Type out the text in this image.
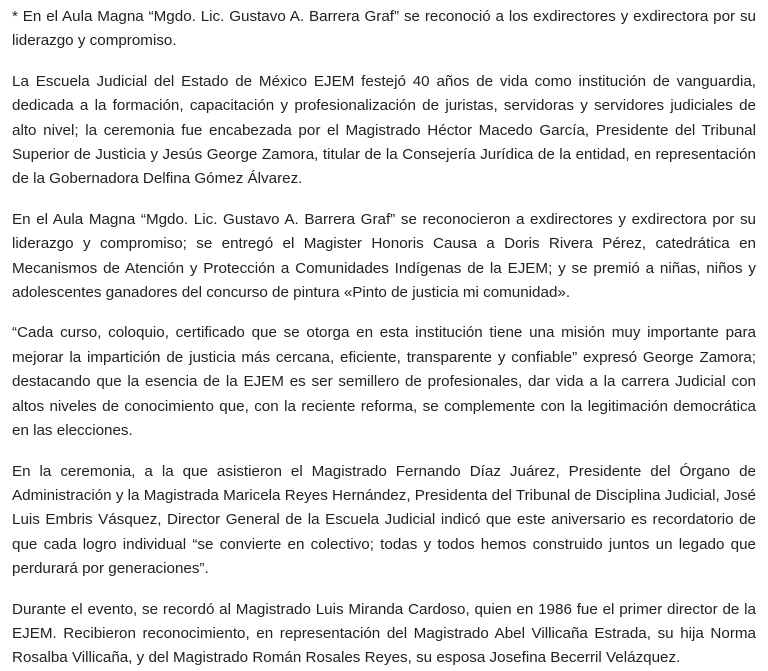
* En el Aula Magna “Mgdo. Lic. Gustavo A. Barrera Graf” se reconoció a los exdirectores y exdirectora por su liderazgo y compromiso.

La Escuela Judicial del Estado de México EJEM festejó 40 años de vida como institución de vanguardia, dedicada a la formación, capacitación y profesionalización de juristas, servidoras y servidores judiciales de alto nivel; la ceremonia fue encabezada por el Magistrado Héctor Macedo García, Presidente del Tribunal Superior de Justicia y Jesús George Zamora, titular de la Consejería Jurídica de la entidad, en representación de la Gobernadora Delfina Gómez Álvarez.

En el Aula Magna “Mgdo. Lic. Gustavo A. Barrera Graf” se reconocieron a exdirectores y exdirectora por su liderazgo y compromiso; se entregó el Magister Honoris Causa a Doris Rivera Pérez, catedrática en Mecanismos de Atención y Protección a Comunidades Indígenas de la EJEM; y se premió a niñas, niños y adolescentes ganadores del concurso de pintura «Pinto de justicia mi comunidad».

“Cada curso, coloquio, certificado que se otorga en esta institución tiene una misión muy importante para mejorar la impartición de justicia más cercana, eficiente, transparente y confiable” expresó George Zamora; destacando que la esencia de la EJEM es ser semillero de profesionales, dar vida a la carrera Judicial con altos niveles de conocimiento que, con la reciente reforma, se complemente con la legitimación democrática en las elecciones.

En la ceremonia, a la que asistieron el Magistrado Fernando Díaz Juárez, Presidente del Órgano de Administración y la Magistrada Maricela Reyes Hernández, Presidenta del Tribunal de Disciplina Judicial, José Luis Embris Vásquez, Director General de la Escuela Judicial indicó que este aniversario es recordatorio de que cada logro individual “se convierte en colectivo; todas y todos hemos construido juntos un legado que perdurará por generaciones”.

Durante el evento, se recordó al Magistrado Luis Miranda Cardoso, quien en 1986 fue el primer director de la EJEM. Recibieron reconocimiento, en representación del Magistrado Abel Villicaña Estrada, su hija Norma Rosalba Villicaña, y del Magistrado Román Rosales Reyes, su esposa Josefina Becerril Velázquez.
